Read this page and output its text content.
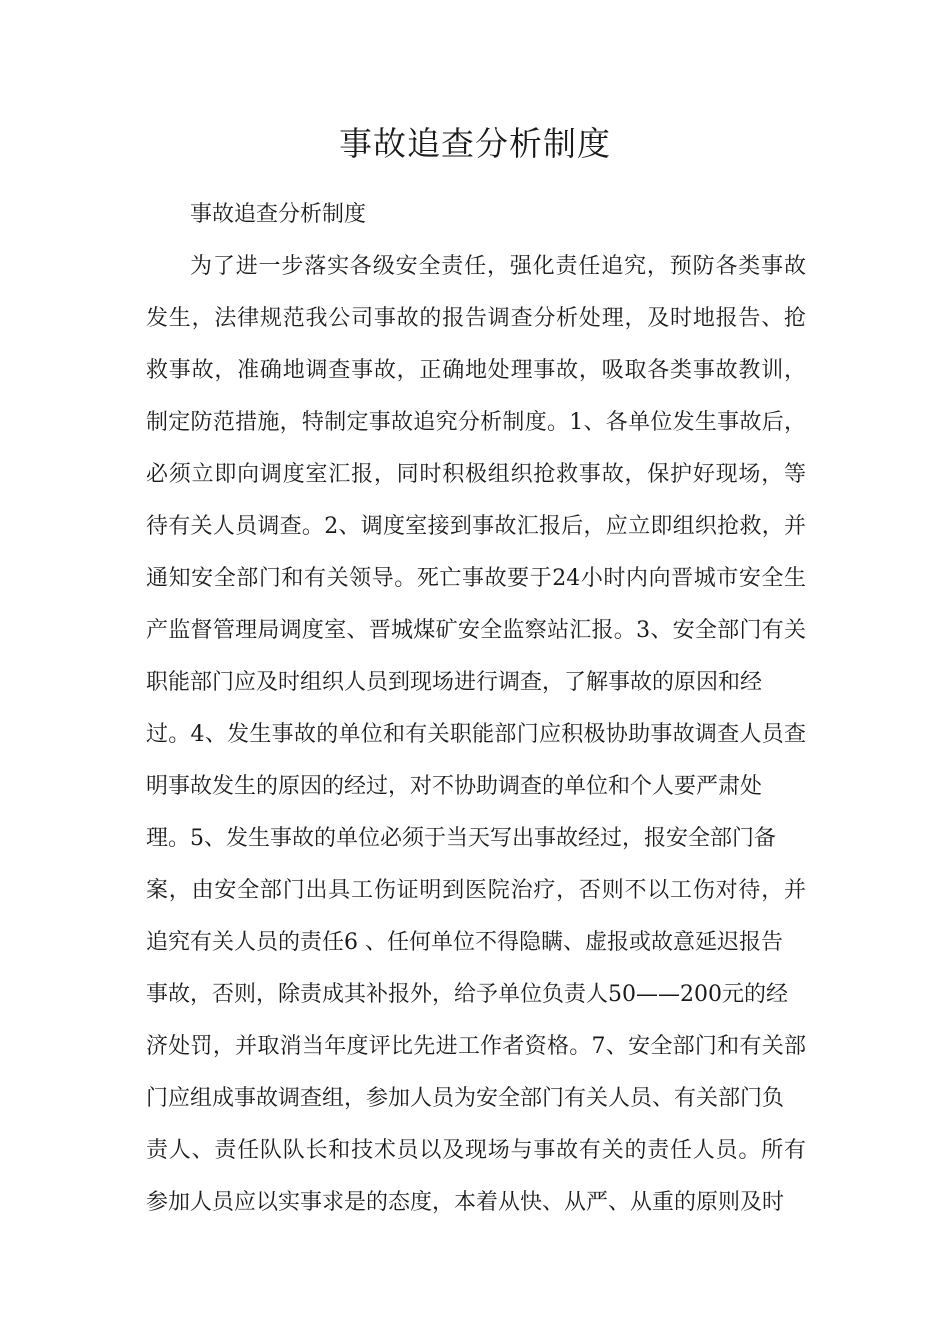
事故追查分析制度

事故追查分析制度

为了进一步落实各级安全责任，强化责任追究，预防各类事故
发生，法律规范我公司事故的报告调查分析处理，及时地报告、抢
救事故，准确地调查事故，正确地处理事故，吸取各类事故教训，
制定防范措施，特制定事故追究分析制度。1、各单位发生事故后，
必须立即向调度室汇报，同时积极组织抢救事故，保护好现场，等
待有关人员调查。2、调度室接到事故汇报后，应立即组织抢救，并
通知安全部门和有关领导。死亡事故要于24小时内向晋城市安全生
产监督管理局调度室、晋城煤矿安全监察站汇报。3、安全部门有关
职能部门应及时组织人员到现场进行调查，了解事故的原因和经
过。4、发生事故的单位和有关职能部门应积极协助事故调查人员查
明事故发生的原因的经过，对不协助调查的单位和个人要严肃处
理。5、发生事故的单位必须于当天写出事故经过，报安全部门备
案，由安全部门出具工伤证明到医院治疗，否则不以工伤对待，并
追究有关人员的责任6 、任何单位不得隐瞒、虚报或故意延迟报告
事故，否则，除责成其补报外，给予单位负责人50——200元的经
济处罚，并取消当年度评比先进工作者资格。7、安全部门和有关部
门应组成事故调查组，参加人员为安全部门有关人员、有关部门负
责人、责任队队长和技术员以及现场与事故有关的责任人员。所有
参加人员应以实事求是的态度，本着从快、从严、从重的原则及时
